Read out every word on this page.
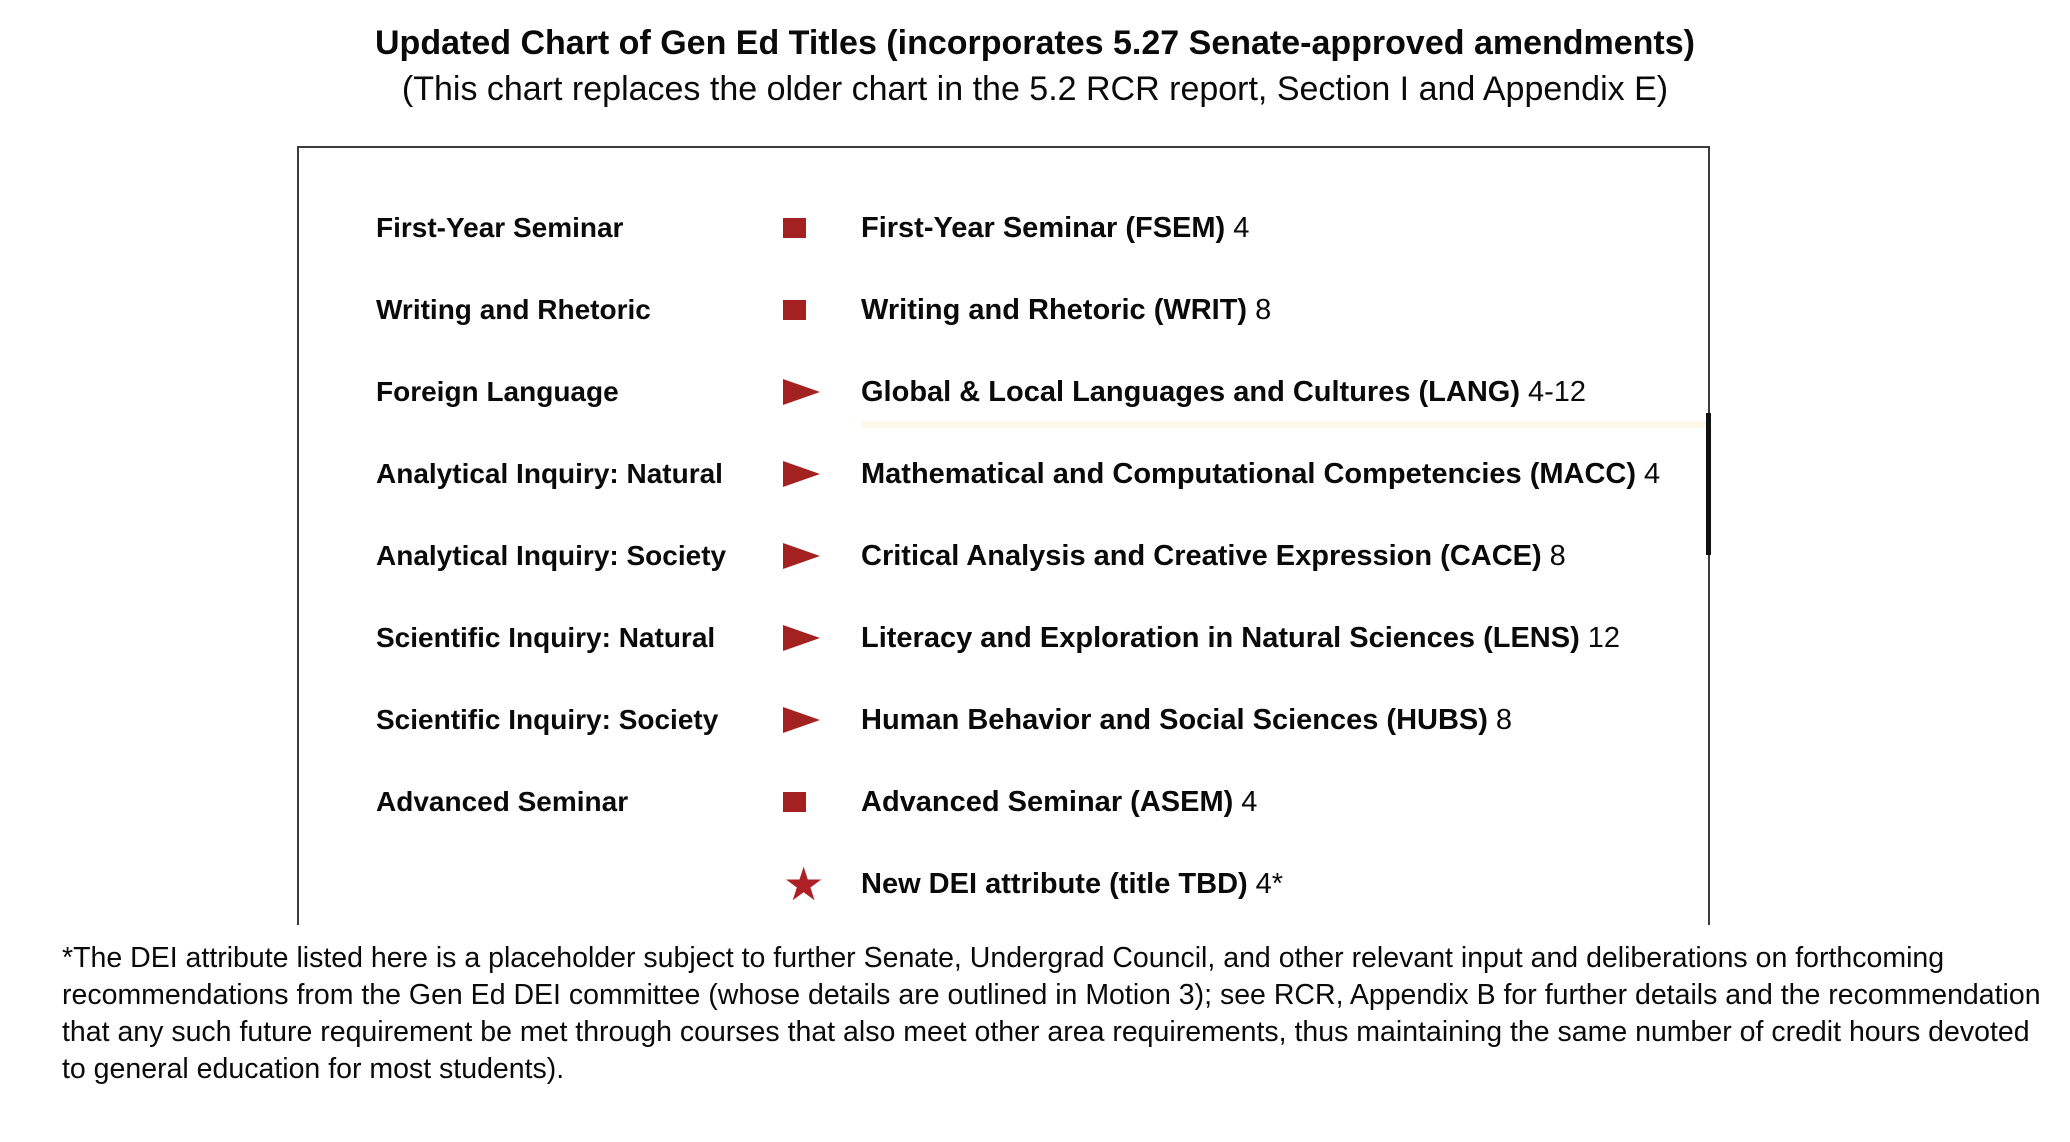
Updated Chart of Gen Ed Titles (incorporates 5.27 Senate-approved amendments)
(This chart replaces the older chart in the 5.2 RCR report, Section I and Appendix E)
First-Year Seminar	First-Year Seminar (FSEM) 4
Writing and Rhetoric	Writing and Rhetoric (WRIT) 8
Foreign Language	Global & Local Languages and Cultures (LANG) 4-12
Analytical Inquiry: Natural	Mathematical and Computational Competencies (MACC) 4
Analytical Inquiry: Society	Critical Analysis and Creative Expression (CACE) 8
Scientific Inquiry: Natural	Literacy and Exploration in Natural Sciences (LENS) 12
Scientific Inquiry: Society	Human Behavior and Social Sciences (HUBS) 8
Advanced Seminar	Advanced Seminar (ASEM) 4
★ New DEI attribute (title TBD) 4*
*The DEI attribute listed here is a placeholder subject to further Senate, Undergrad Council, and other relevant input and deliberations on forthcoming recommendations from the Gen Ed DEI committee (whose details are outlined in Motion 3); see RCR, Appendix B for further details and the recommendation that any such future requirement be met through courses that also meet other area requirements, thus maintaining the same number of credit hours devoted to general education for most students).
